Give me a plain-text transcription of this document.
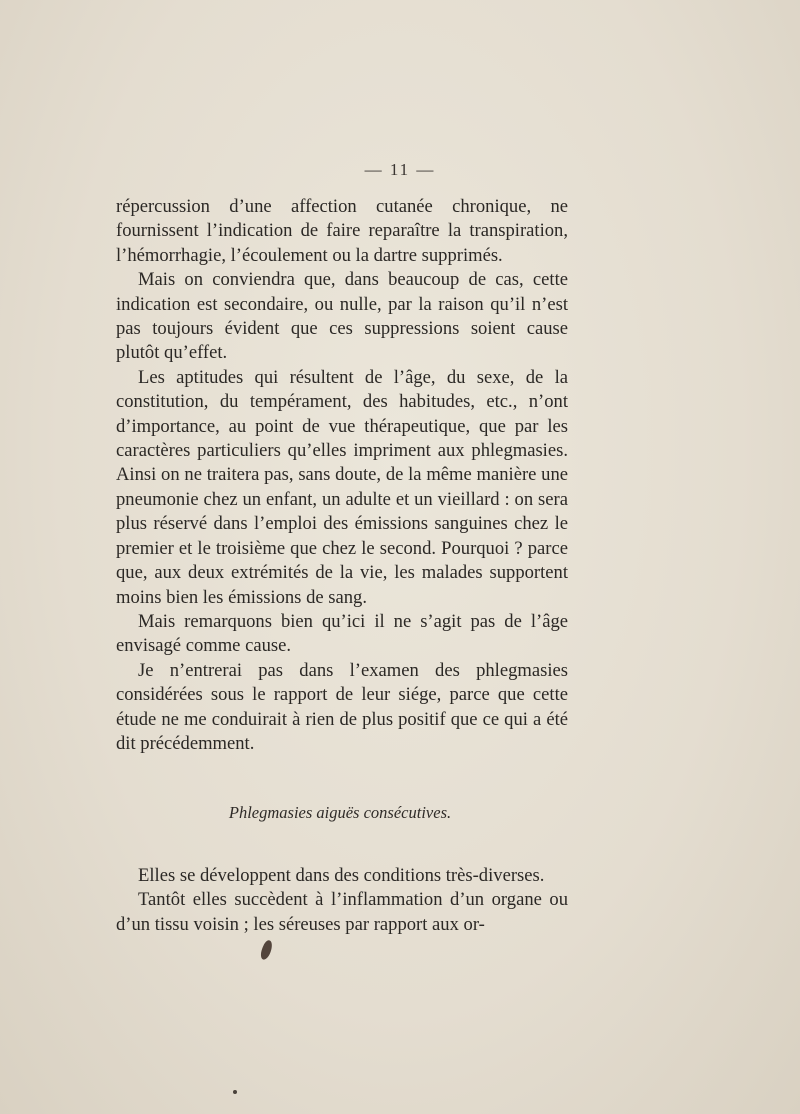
— 11 —

répercussion d’une affection cutanée chronique, ne fournissent l’indication de faire reparaître la transpiration, l’hémorrhagie, l’écoulement ou la dartre supprimés.

Mais on conviendra que, dans beaucoup de cas, cette indication est secondaire, ou nulle, par la raison qu’il n’est pas toujours évident que ces suppressions soient cause plutôt qu’effet.

Les aptitudes qui résultent de l’âge, du sexe, de la constitution, du tempérament, des habitudes, etc., n’ont d’importance, au point de vue thérapeutique, que par les caractères particuliers qu’elles impriment aux phlegmasies. Ainsi on ne traitera pas, sans doute, de la même manière une pneumonie chez un enfant, un adulte et un vieillard : on sera plus réservé dans l’emploi des émissions sanguines chez le premier et le troisième que chez le second. Pourquoi ? parce que, aux deux extrémités de la vie, les malades supportent moins bien les émissions de sang.

Mais remarquons bien qu’ici il ne s’agit pas de l’âge envisagé comme cause.

Je n’entrerai pas dans l’examen des phlegmasies considérées sous le rapport de leur siége, parce que cette étude ne me conduirait à rien de plus positif que ce qui a été dit précédemment.

Phlegmasies aiguës consécutives.

Elles se développent dans des conditions très-diverses.

Tantôt elles succèdent à l’inflammation d’un organe ou d’un tissu voisin ; les séreuses par rapport aux or-
